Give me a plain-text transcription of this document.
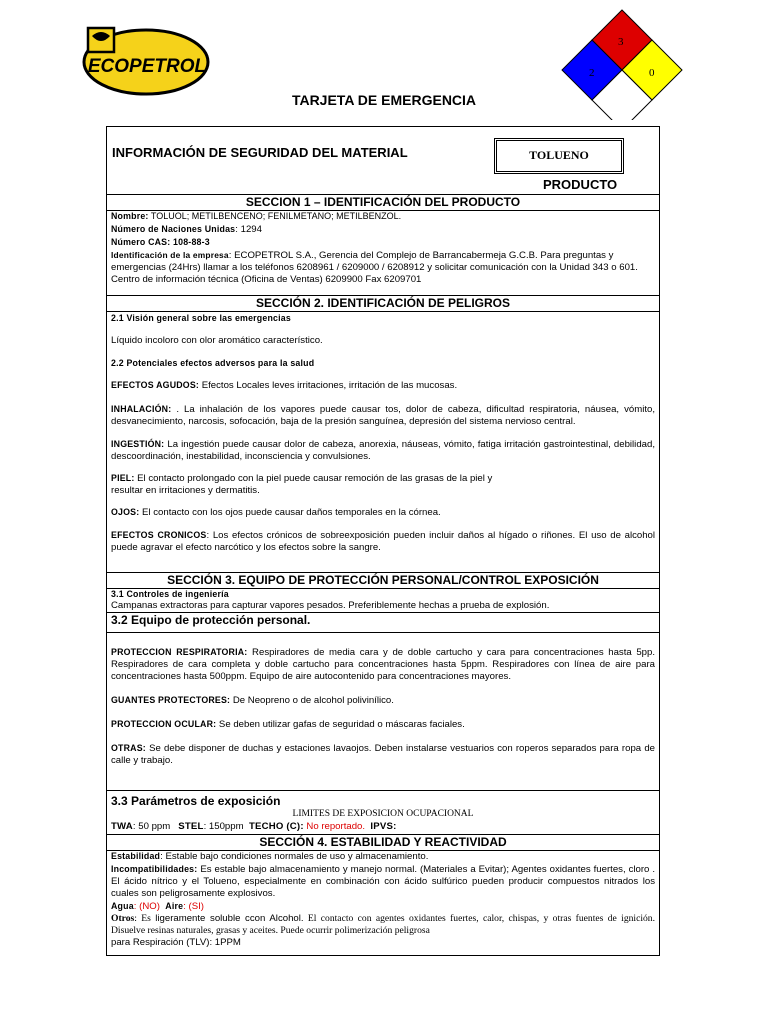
ECOPETROL
3
2	0
TARJETA DE EMERGENCIA
INFORMACIÓN DE SEGURIDAD DEL MATERIAL	TOLUENO
PRODUCTO
SECCION 1 – IDENTIFICACIÓN DEL PRODUCTO
Nombre: TOLUOL; METILBENCENO; FENILMETANO; METILBENZOL.
Número de Naciones Unidas: 1294
Número CAS: 108-88-3
Identificación de la empresa: ECOPETROL S.A., Gerencia del Complejo de Barrancabermeja G.C.B. Para preguntas y emergencias (24Hrs) llamar a los teléfonos 6208961 / 6209000 / 6208912 y solicitar comunicación con la Unidad 343 o 601.
Centro de información técnica (Oficina de Ventas) 6209900 Fax 6209701
SECCIÓN 2. IDENTIFICACIÓN DE PELIGROS
2.1 Visión general sobre las emergencias
Líquido incoloro con olor aromático característico.
2.2 Potenciales efectos adversos para la salud
EFECTOS AGUDOS: Efectos Locales leves irritaciones, irritación de las mucosas.
INHALACIÓN: . La inhalación de los vapores puede causar tos, dolor de cabeza, dificultad respiratoria, náusea, vómito, desvanecimiento, narcosis, sofocación, baja de la presión sanguínea, depresión del sistema nervioso central.
INGESTIÓN: La ingestión puede causar dolor de cabeza, anorexia, náuseas, vómito, fatiga irritación gastrointestinal, debilidad, descoordinación, inestabilidad, inconsciencia y convulsiones.
PIEL: El contacto prolongado con la piel puede causar remoción de las grasas de la piel y
resultar en irritaciones y dermatitis.
OJOS: El contacto con los ojos puede causar daños temporales en la córnea.
EFECTOS CRONICOS: Los efectos crónicos de sobreexposición pueden incluir daños al hígado o riñones. El uso de alcohol puede agravar el efecto narcótico y los efectos sobre la sangre.
SECCIÓN 3. EQUIPO DE PROTECCIÓN PERSONAL/CONTROL EXPOSICIÓN
3.1 Controles de ingeniería
Campanas extractoras para capturar vapores pesados. Preferiblemente hechas a prueba de explosión.
3.2 Equipo de protección personal.
PROTECCION RESPIRATORIA: Respiradores de media cara y de doble cartucho y cara para concentraciones hasta 5pp. Respiradores de cara completa y doble cartucho para concentraciones hasta 5ppm. Respiradores con línea de aire para concentraciones hasta 500ppm. Equipo de aire autocontenido para concentraciones mayores.
GUANTES PROTECTORES: De Neopreno o de alcohol polivinílico.
PROTECCION OCULAR: Se deben utilizar gafas de seguridad o máscaras faciales.
OTRAS: Se debe disponer de duchas y estaciones lavaojos. Deben instalarse vestuarios con roperos separados para ropa de calle y trabajo.
3.3 Parámetros de exposición
LIMITES DE EXPOSICION OCUPACIONAL
TWA: 50 ppm STEL: 150ppm TECHO (C): No reportado. IPVS:
SECCIÓN 4. ESTABILIDAD Y REACTIVIDAD
Estabilidad: Estable bajo condiciones normales de uso y almacenamiento.
Incompatibilidades: Es estable bajo almacenamiento y manejo normal. (Materiales a Evitar); Agentes oxidantes fuertes, cloro . El ácido nítrico y el Tolueno, especialmente en combinación con ácido sulfúrico pueden producir compuestos nitrados los cuales son peligrosamente explosivos.
Agua: (NO) Aire: (SI)
Otros: Es ligeramente soluble ccon Alcohol. El contacto con agentes oxidantes fuertes, calor, chispas, y otras fuentes de ignición. Disuelve resinas naturales, grasas y aceites. Puede ocurrir polimerización peligrosa
para Respiración (TLV): 1PPM
